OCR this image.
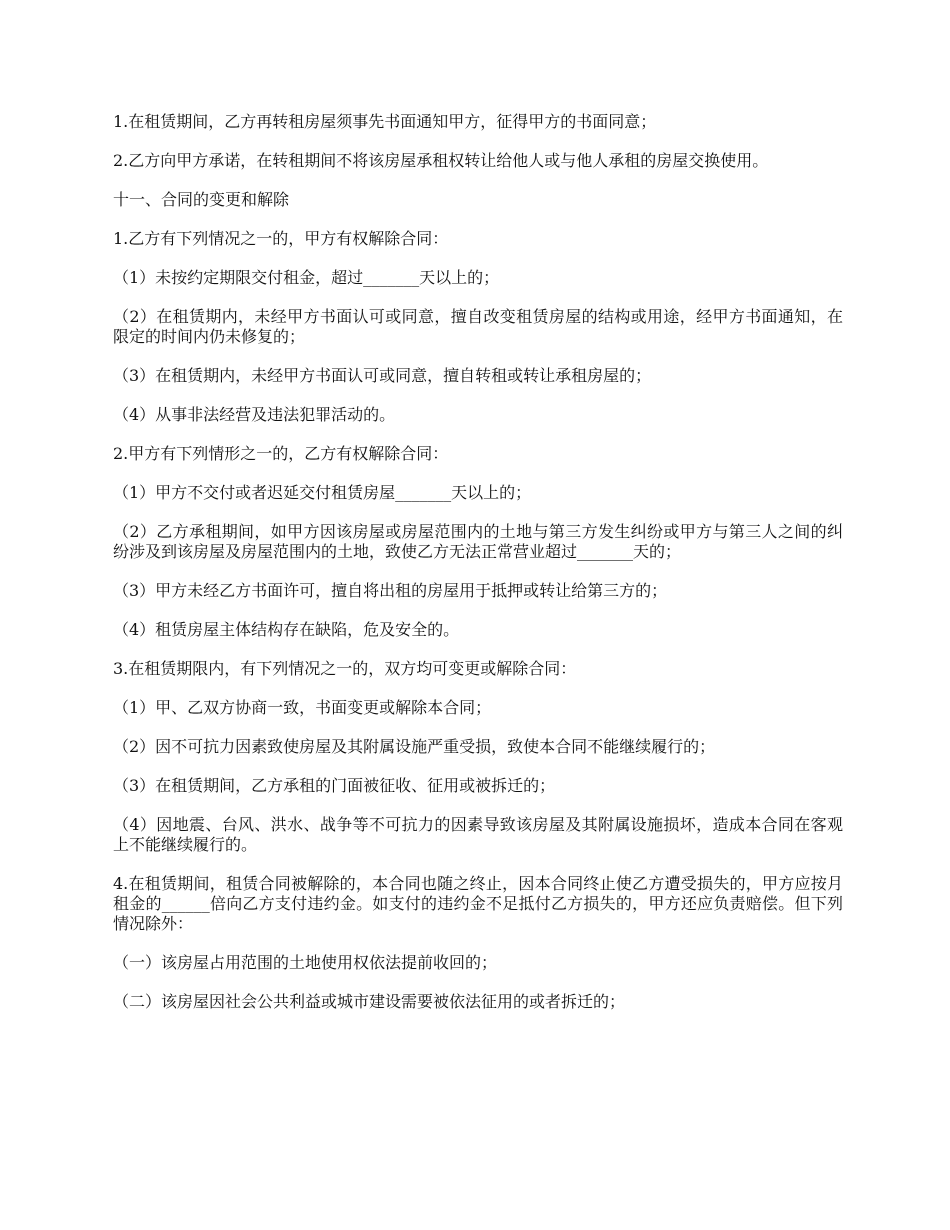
1.在租赁期间，乙方再转租房屋须事先书面通知甲方，征得甲方的书面同意；

2.乙方向甲方承诺，在转租期间不将该房屋承租权转让给他人或与他人承租的房屋交换使用。

十一、合同的变更和解除

1.乙方有下列情况之一的，甲方有权解除合同：

（1）未按约定期限交付租金，超过_______天以上的；

（2）在租赁期内，未经甲方书面认可或同意，擅自改变租赁房屋的结构或用途，经甲方书面通知，在限定的时间内仍未修复的；

（3）在租赁期内，未经甲方书面认可或同意，擅自转租或转让承租房屋的；

（4）从事非法经营及违法犯罪活动的。

2.甲方有下列情形之一的，乙方有权解除合同：

（1）甲方不交付或者迟延交付租赁房屋_______天以上的；

（2）乙方承租期间，如甲方因该房屋或房屋范围内的土地与第三方发生纠纷或甲方与第三人之间的纠纷涉及到该房屋及房屋范围内的土地，致使乙方无法正常营业超过_______天的；

（3）甲方未经乙方书面许可，擅自将出租的房屋用于抵押或转让给第三方的；

（4）租赁房屋主体结构存在缺陷，危及安全的。

3.在租赁期限内，有下列情况之一的，双方均可变更或解除合同：

（1）甲、乙双方协商一致，书面变更或解除本合同；

（2）因不可抗力因素致使房屋及其附属设施严重受损，致使本合同不能继续履行的；

（3）在租赁期间，乙方承租的门面被征收、征用或被拆迁的；

（4）因地震、台风、洪水、战争等不可抗力的因素导致该房屋及其附属设施损坏，造成本合同在客观上不能继续履行的。

4.在租赁期间，租赁合同被解除的，本合同也随之终止，因本合同终止使乙方遭受损失的，甲方应按月租金的______倍向乙方支付违约金。如支付的违约金不足抵付乙方损失的，甲方还应负责赔偿。但下列情况除外：

（一）该房屋占用范围的土地使用权依法提前收回的；

（二）该房屋因社会公共利益或城市建设需要被依法征用的或者拆迁的；
